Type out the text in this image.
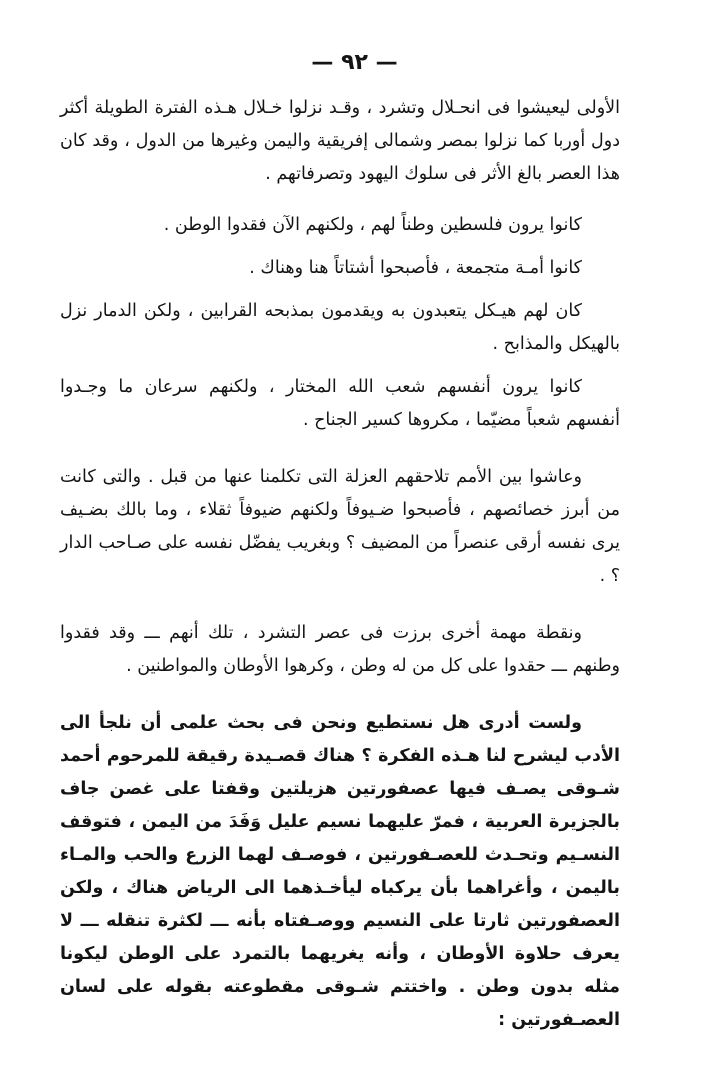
— ٩٢ —

الأولى ليعيشوا فى انحـلال وتشرد ، وقـد نزلوا خـلال هـذه الفترة الطويلة أكثر دول أوربا كما نزلوا بمصر وشمالى إفريقية واليمن وغيرها من الدول ، وقد كان هذا العصر بالغ الأثر فى سلوك اليهود وتصرفاتهم .

كانوا يرون فلسطين وطناً لهم ، ولكنهم الآن فقدوا الوطن .

كانوا أمـة متجمعة ، فأصبحوا أشتاتاً هنا وهناك .

كان لهم هيـكل يتعبدون به ويقدمون بمذبحه القرابين ، ولكن الدمار نزل بالهيكل والمذابح .

كانوا يرون أنفسهم شعب الله المختار ، ولكنهم سرعان ما وجـدوا أنفسهم شعباً مضيّما ، مكروها كسير الجناح .

وعاشوا بين الأمم تلاحقهم العزلة التى تكلمنا عنها من قبل . والتى كانت من أبرز خصائصهم ، فأصبحوا ضـيوفاً ولكنهم ضيوفاً ثقلاء ، وما بالك بضـيف يرى نفسه أرقى عنصراً من المضيف ؟ وبغريب يفضّل نفسه على صـاحب الدار ؟ .

ونقطة مهمة أخرى برزت فى عصر التشرد ، تلك أنهم ـــ وقد فقدوا وطنهم ـــ حقدوا على كل من له وطن ، وكرهوا الأوطان والمواطنين .

ولست أدرى هل نستطيع ونحن فى بحث علمى أن نلجأ الى الأدب ليشرح لنا هـذه الفكرة ؟ هناك قصـيدة رقيقة للمرحوم أحمد شـوقى يصـف فيها عصفورتين هزيلتين وقفتا على غصن جاف بالجزيرة العربية ، فمرّ عليهما نسيم عليل وَفَدَ من اليمن ، فتوقف النسـيم وتحـدث للعصـفورتين ، فوصـف لهما الزرع والحب والمـاء باليمن ، وأغراهما بأن يركباه ليأخـذهما الى الرياض هناك ، ولكن العصفورتين ثارتا على النسيم ووصـفتاه بأنه ـــ لكثرة تنقله ـــ لا يعرف حلاوة الأوطان ، وأنه يغريهما بالتمرد على الوطن ليكونا مثله بدون وطن . واختتم شـوقى مقطوعته بقوله على لسان العصـفورتين :
